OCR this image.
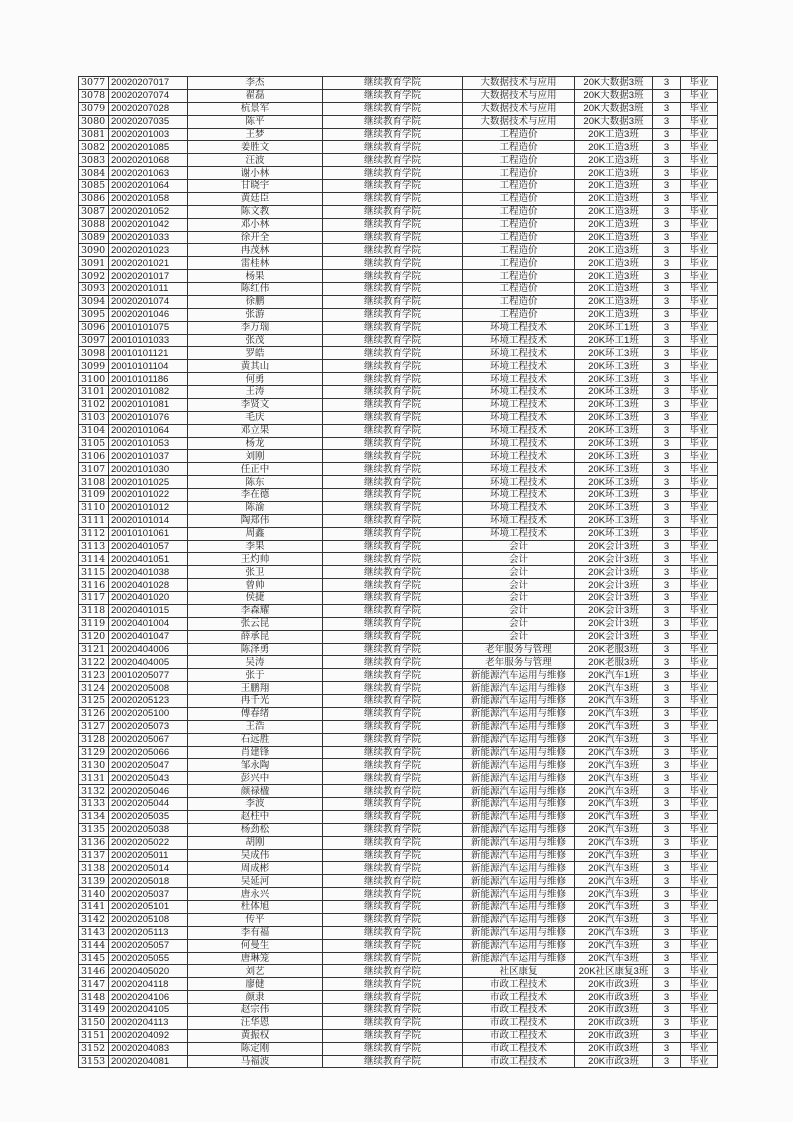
3077	20020207017	李杰	继续教育学院	大数据技术与应用	20K大数据3班	3	毕业
3078	20020207074	翟磊	继续教育学院	大数据技术与应用	20K大数据3班	3	毕业
3079	20020207028	杭景军	继续教育学院	大数据技术与应用	20K大数据3班	3	毕业
3080	20020207035	陈平	继续教育学院	大数据技术与应用	20K大数据3班	3	毕业
3081	20020201003	王梦	继续教育学院	工程造价	20K工造3班	3	毕业
3082	20020201085	姜胜文	继续教育学院	工程造价	20K工造3班	3	毕业
3083	20020201068	汪波	继续教育学院	工程造价	20K工造3班	3	毕业
3084	20020201063	谢小林	继续教育学院	工程造价	20K工造3班	3	毕业
3085	20020201064	甘晓宇	继续教育学院	工程造价	20K工造3班	3	毕业
3086	20020201058	黄廷臣	继续教育学院	工程造价	20K工造3班	3	毕业
3087	20020201052	陈文教	继续教育学院	工程造价	20K工造3班	3	毕业
3088	20020201042	邓小林	继续教育学院	工程造价	20K工造3班	3	毕业
3089	20020201033	徐开全	继续教育学院	工程造价	20K工造3班	3	毕业
3090	20020201023	冉茂林	继续教育学院	工程造价	20K工造3班	3	毕业
3091	20020201021	雷桂林	继续教育学院	工程造价	20K工造3班	3	毕业
3092	20020201017	杨果	继续教育学院	工程造价	20K工造3班	3	毕业
3093	20020201011	陈红伟	继续教育学院	工程造价	20K工造3班	3	毕业
3094	20020201074	徐鹏	继续教育学院	工程造价	20K工造3班	3	毕业
3095	20020201046	张游	继续教育学院	工程造价	20K工造3班	3	毕业
3096	20010101075	李万瑞	继续教育学院	环境工程技术	20K环工1班	3	毕业
3097	20010101033	张茂	继续教育学院	环境工程技术	20K环工1班	3	毕业
3098	20010101121	罗皓	继续教育学院	环境工程技术	20K环工3班	3	毕业
3099	20010101104	黄其山	继续教育学院	环境工程技术	20K环工3班	3	毕业
3100	20010101186	何勇	继续教育学院	环境工程技术	20K环工3班	3	毕业
3101	20020101082	王涛	继续教育学院	环境工程技术	20K环工3班	3	毕业
3102	20020101081	李贤文	继续教育学院	环境工程技术	20K环工3班	3	毕业
3103	20020101076	毛庆	继续教育学院	环境工程技术	20K环工3班	3	毕业
3104	20020101064	邓立果	继续教育学院	环境工程技术	20K环工3班	3	毕业
3105	20020101053	杨龙	继续教育学院	环境工程技术	20K环工3班	3	毕业
3106	20020101037	刘刚	继续教育学院	环境工程技术	20K环工3班	3	毕业
3107	20020101030	任正中	继续教育学院	环境工程技术	20K环工3班	3	毕业
3108	20020101025	陈东	继续教育学院	环境工程技术	20K环工3班	3	毕业
3109	20020101022	李在德	继续教育学院	环境工程技术	20K环工3班	3	毕业
3110	20020101012	陈渝	继续教育学院	环境工程技术	20K环工3班	3	毕业
3111	20020101014	陶郑伟	继续教育学院	环境工程技术	20K环工3班	3	毕业
3112	20010101061	周鑫	继续教育学院	环境工程技术	20K环工3班	3	毕业
3113	20020401057	李果	继续教育学院	会计	20K会计3班	3	毕业
3114	20020401051	王灼帅	继续教育学院	会计	20K会计3班	3	毕业
3115	20020401038	张卫	继续教育学院	会计	20K会计3班	3	毕业
3116	20020401028	曾帅	继续教育学院	会计	20K会计3班	3	毕业
3117	20020401020	侯捷	继续教育学院	会计	20K会计3班	3	毕业
3118	20020401015	李森耀	继续教育学院	会计	20K会计3班	3	毕业
3119	20020401004	张云昆	继续教育学院	会计	20K会计3班	3	毕业
3120	20020401047	薛承昆	继续教育学院	会计	20K会计3班	3	毕业
3121	20020404006	陈泽勇	继续教育学院	老年服务与管理	20K老服3班	3	毕业
3122	20020404005	吴涛	继续教育学院	老年服务与管理	20K老服3班	3	毕业
3123	20010205077	张于	继续教育学院	新能源汽车运用与维修	20K汽车1班	3	毕业
3124	20020205008	王鹏翔	继续教育学院	新能源汽车运用与维修	20K汽车3班	3	毕业
3125	20020205123	冉千光	继续教育学院	新能源汽车运用与维修	20K汽车3班	3	毕业
3126	20020205100	傅春绪	继续教育学院	新能源汽车运用与维修	20K汽车3班	3	毕业
3127	20020205073	王浩	继续教育学院	新能源汽车运用与维修	20K汽车3班	3	毕业
3128	20020205067	石远胜	继续教育学院	新能源汽车运用与维修	20K汽车3班	3	毕业
3129	20020205066	肖建锋	继续教育学院	新能源汽车运用与维修	20K汽车3班	3	毕业
3130	20020205047	邹永陶	继续教育学院	新能源汽车运用与维修	20K汽车3班	3	毕业
3131	20020205043	彭兴中	继续教育学院	新能源汽车运用与维修	20K汽车3班	3	毕业
3132	20020205046	颜禄楹	继续教育学院	新能源汽车运用与维修	20K汽车3班	3	毕业
3133	20020205044	李波	继续教育学院	新能源汽车运用与维修	20K汽车3班	3	毕业
3134	20020205035	赵柱中	继续教育学院	新能源汽车运用与维修	20K汽车3班	3	毕业
3135	20020205038	杨劲松	继续教育学院	新能源汽车运用与维修	20K汽车3班	3	毕业
3136	20020205022	胡刚	继续教育学院	新能源汽车运用与维修	20K汽车3班	3	毕业
3137	20020205011	吴成伟	继续教育学院	新能源汽车运用与维修	20K汽车3班	3	毕业
3138	20020205014	周成彬	继续教育学院	新能源汽车运用与维修	20K汽车3班	3	毕业
3139	20020205018	吴延河	继续教育学院	新能源汽车运用与维修	20K汽车3班	3	毕业
3140	20020205037	唐永兴	继续教育学院	新能源汽车运用与维修	20K汽车3班	3	毕业
3141	20020205101	杜体旭	继续教育学院	新能源汽车运用与维修	20K汽车3班	3	毕业
3142	20020205108	传平	继续教育学院	新能源汽车运用与维修	20K汽车3班	3	毕业
3143	20020205113	李有福	继续教育学院	新能源汽车运用与维修	20K汽车3班	3	毕业
3144	20020205057	何曼生	继续教育学院	新能源汽车运用与维修	20K汽车3班	3	毕业
3145	20020205055	唐琳笼	继续教育学院	新能源汽车运用与维修	20K汽车3班	3	毕业
3146	20020405020	刘艺	继续教育学院	社区康复	20K社区康复3班	3	毕业
3147	20020204118	廖健	继续教育学院	市政工程技术	20K市政3班	3	毕业
3148	20020204106	颜隶	继续教育学院	市政工程技术	20K市政3班	3	毕业
3149	20020204105	赵宗伟	继续教育学院	市政工程技术	20K市政3班	3	毕业
3150	20020204113	汪华恩	继续教育学院	市政工程技术	20K市政3班	3	毕业
3151	20020204092	黄振权	继续教育学院	市政工程技术	20K市政3班	3	毕业
3152	20020204083	陈定刚	继续教育学院	市政工程技术	20K市政3班	3	毕业
3153	20020204081	马福波	继续教育学院	市政工程技术	20K市政3班	3	毕业
